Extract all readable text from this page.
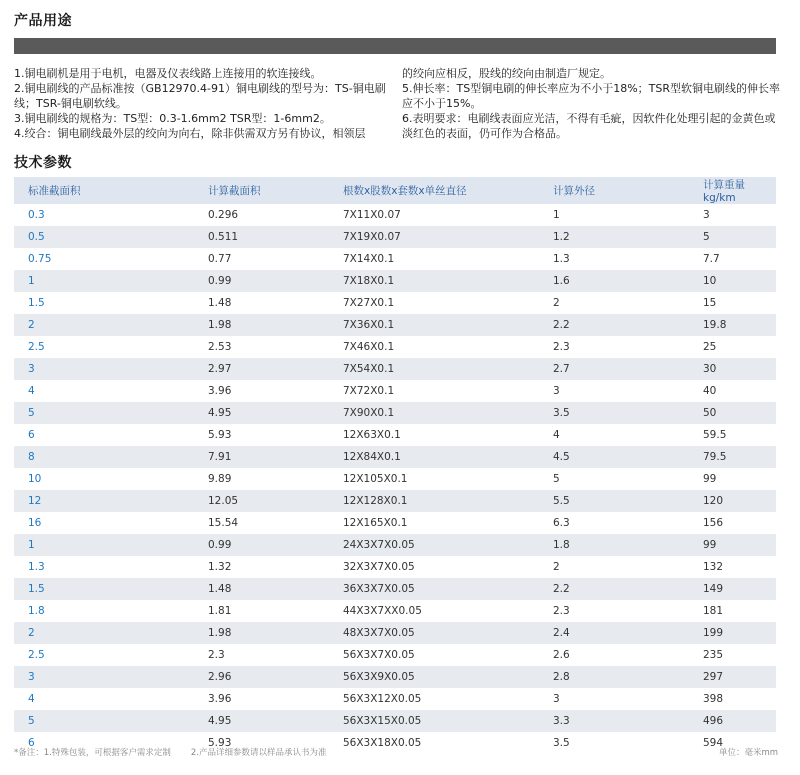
产品用途

1.铜电刷机是用于电机，电器及仪表线路上连接用的软连接线。

2.铜电刷线的产品标准按（GB12970.4-91）铜电刷线的型号为：TS-铜电刷线；TSR-铜电刷软线。

3.铜电刷线的规格为：TS型：0.3-1.6mm2 TSR型：1-6mm2。

4.绞合：铜电刷线最外层的绞向为向右，除非供需双方另有协议，相领层

的绞向应相反，股线的绞向由制造厂规定。

5.伸长率：TS型铜电刷的伸长率应为不小于18%；TSR型软铜电刷线的伸长率应不小于15%。

6.表明要求：电刷线表面应光洁，不得有毛疵，因软件化处理引起的金黄色或淡红色的表面，仍可作为合格品。

技术参数
标准截面积	计算截面积	根数x股数x套数x单丝直径	计算外径	计算重量kg/km
0.3	0.296	7X11X0.07	1	3
0.5	0.511	7X19X0.07	1.2	5
0.75	0.77	7X14X0.1	1.3	7.7
1	0.99	7X18X0.1	1.6	10
1.5	1.48	7X27X0.1	2	15
2	1.98	7X36X0.1	2.2	19.8
2.5	2.53	7X46X0.1	2.3	25
3	2.97	7X54X0.1	2.7	30
4	3.96	7X72X0.1	3	40
5	4.95	7X90X0.1	3.5	50
6	5.93	12X63X0.1	4	59.5
8	7.91	12X84X0.1	4.5	79.5
10	9.89	12X105X0.1	5	99
12	12.05	12X128X0.1	5.5	120
16	15.54	12X165X0.1	6.3	156
1	0.99	24X3X7X0.05	1.8	99
1.3	1.32	32X3X7X0.05	2	132
1.5	1.48	36X3X7X0.05	2.2	149
1.8	1.81	44X3X7XX0.05	2.3	181
2	1.98	48X3X7X0.05	2.4	199
2.5	2.3	56X3X7X0.05	2.6	235
3	2.96	56X3X9X0.05	2.8	297
4	3.96	56X3X12X0.05	3	398
5	4.95	56X3X15X0.05	3.3	496
6	5.93	56X3X18X0.05	3.5	594
*备注：1.特殊包装，可根据客户需求定制 2.产品详细参数请以样品承认书为准	单位：毫米mm
